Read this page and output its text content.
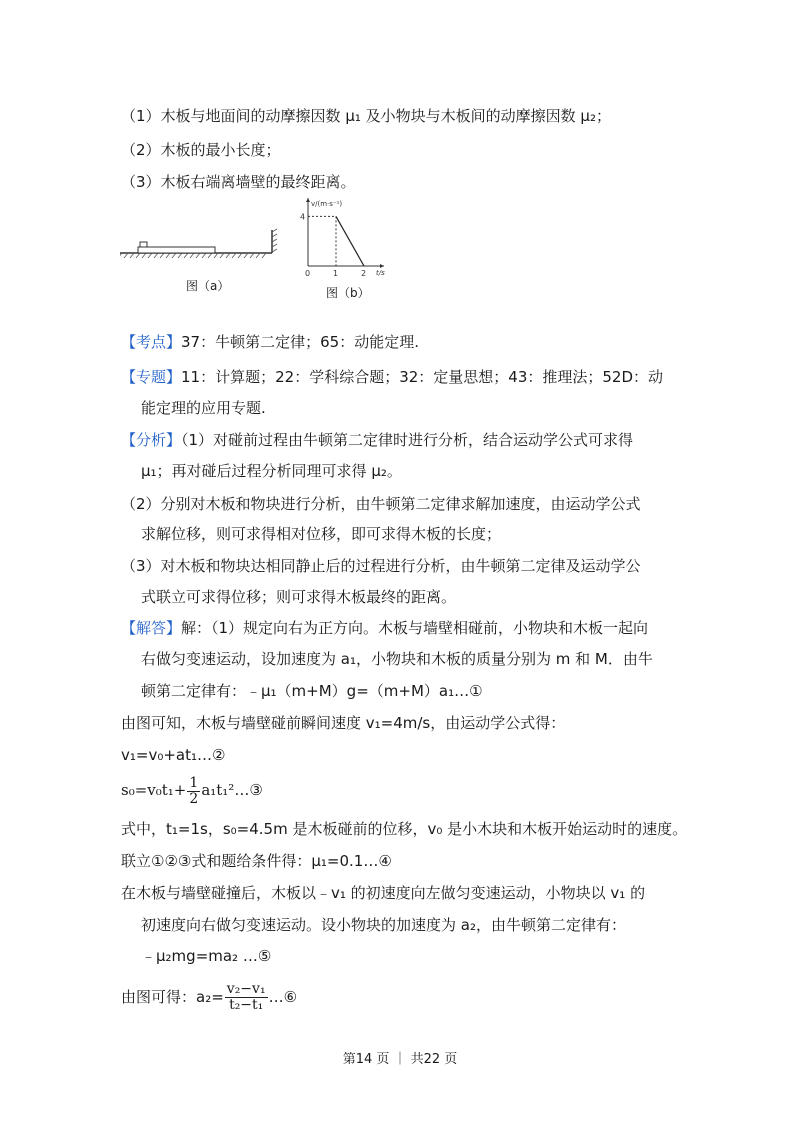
（1）木板与地面间的动摩擦因数 μ₁ 及小物块与木板间的动摩擦因数 μ₂；
（2）木板的最小长度；
（3）木板右端离墙壁的最终距离。
图（a）
v/(m·s⁻¹)
t/s
4
0	1	2
图（b）
【考点】37：牛顿第二定律；65：动能定理.
【专题】11：计算题；22：学科综合题；32：定量思想；43：推理法；52D：动
能定理的应用专题.
【分析】（1）对碰前过程由牛顿第二定律时进行分析，结合运动学公式可求得
μ₁；再对碰后过程分析同理可求得 μ₂。
（2）分别对木板和物块进行分析，由牛顿第二定律求解加速度，由运动学公式
求解位移，则可求得相对位移，即可求得木板的长度；
（3）对木板和物块达相同静止后的过程进行分析，由牛顿第二定律及运动学公
式联立可求得位移；则可求得木板最终的距离。
【解答】解：（1）规定向右为正方向。木板与墙壁相碰前，小物块和木板一起向
右做匀变速运动，设加速度为 a₁，小物块和木板的质量分别为 m 和 M．由牛
顿第二定律有：﹣μ₁（m+M）g=（m+M）a₁…①
由图可知，木板与墙壁碰前瞬间速度 v₁=4m/s，由运动学公式得：
v₁=v₀+at₁…②
$s_0=v_0t_1+ \frac{1}{2}$ a₁t₁²…③
式中，t₁=1s，s₀=4.5m 是木板碰前的位移，v₀ 是小木块和木板开始运动时的速度。
联立①②③式和题给条件得：μ₁=0.1…④
在木板与墙壁碰撞后，木板以﹣v₁ 的初速度向左做匀变速运动，小物块以 v₁ 的
初速度向右做匀变速运动。设小物块的加速度为 a₂，由牛顿第二定律有：
﹣μ₂mg=ma₂ …⑤
由图可得：$a_2= \frac{\text{v₂−v₁}}{\text{t₂−t₁}}$ …⑥
第14 页 ｜ 共22 页
